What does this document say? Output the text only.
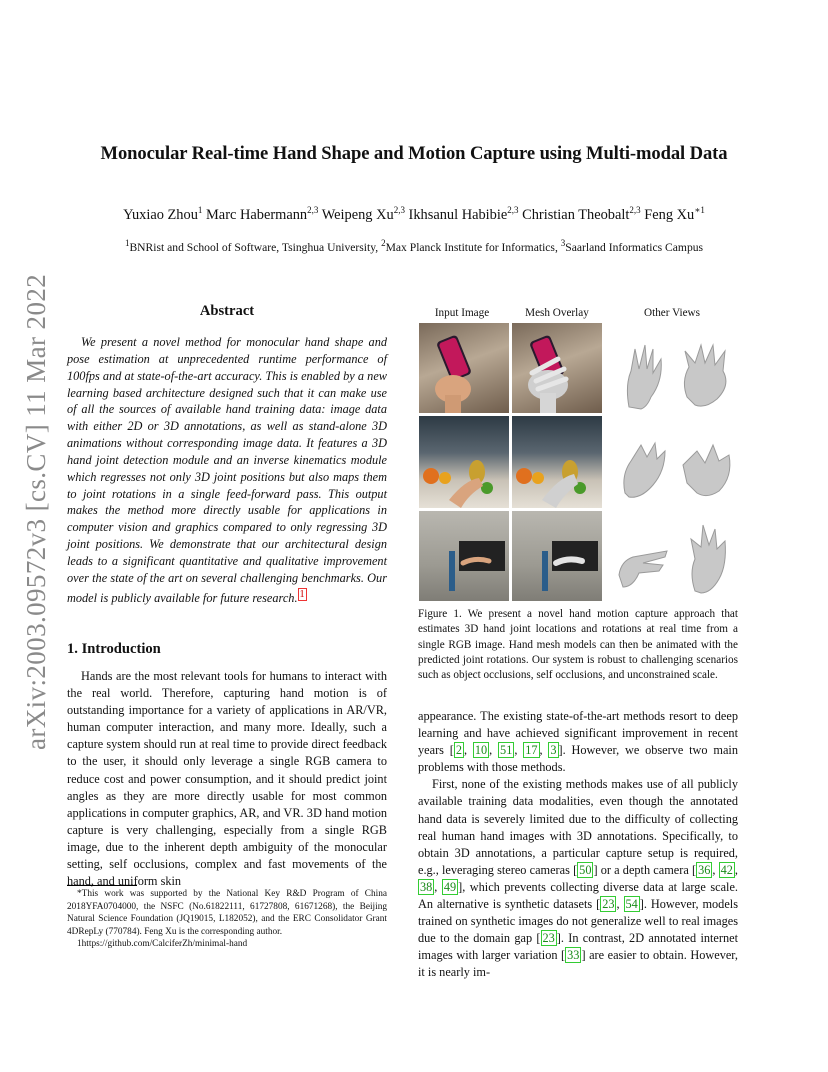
arXiv:2003.09572v3 [cs.CV] 11 Mar 2022
Monocular Real-time Hand Shape and Motion Capture using Multi-modal Data
Yuxiao Zhou$^1$ Marc Habermann$^{2,3}$ Weipeng Xu$^{2,3}$ Ikhsanul Habibie$^{2,3}$ Christian Theobalt$^{2,3}$ Feng $Xu^{∗1}$
$^1$BNRist and School of Software, Tsinghua University, $^2$Max Planck Institute for Informatics, $^3$Saarland Informatics Campus
Abstract
We present a novel method for monocular hand shape and pose estimation at unprecedented runtime performance of 100fps and at state-of-the-art accuracy. This is enabled by a new learning based architecture designed such that it can make use of all the sources of available hand training data: image data with either 2D or 3D annotations, as well as stand-alone 3D animations without corresponding image data. It features a 3D hand joint detection module and an inverse kinematics module which regresses not only 3D joint positions but also maps them to joint rotations in a single feed-forward pass. This output makes the method more directly usable for applications in computer vision and graphics compared to only regressing 3D joint positions. We demonstrate that our architectural design leads to a significant quantitative and qualitative improvement over the state of the art on several challenging benchmarks. Our model is publicly available for future research. $^1$
1. Introduction
Hands are the most relevant tools for humans to interact with the real world. Therefore, capturing hand motion is of outstanding importance for a variety of applications in AR/VR, human computer interaction, and many more. Ideally, such a capture system should run at real time to provide direct feedback to the user, it should only leverage a single RGB camera to reduce cost and power consumption, and it should predict joint angles as they are more directly usable for most common applications in computer graphics, AR, and VR. 3D hand motion capture is very challenging, especially from a single RGB image, due to the inherent depth ambiguity of the monocular setting, self occlusions, complex and fast movements of the hand, and uniform skin

*This work was supported by the National Key R&D Program of China 2018YFA0704000, the NSFC (No.61822111, 61727808, 61671268), the Beijing Natural Science Foundation (JQ19015, L182052), and the ERC Consolidator Grant 4DRepLy (770784). Feng Xu is the corresponding author.

1https://github.com/CalciferZh/minimal-hand

Input Image	Mesh Overlay	Other Views
Figure 1. We present a novel hand motion capture approach that estimates 3D hand joint locations and rotations at real time from a single RGB image. Hand mesh models can then be animated with the predicted joint rotations. Our system is robust to challenging scenarios such as object occlusions, self occlusions, and unconstrained scale.

appearance. The existing state-of-the-art methods resort to deep learning and have achieved significant improvement in recent years [ 2 , 10 , 51 , 17 , 3 ]. However, we observe two main problems with those methods.

First, none of the existing methods makes use of all publicly available training data modalities, even though the annotated hand data is severely limited due to the difficulty of collecting real human hand images with 3D annotations. Specifically, to obtain 3D annotations, a particular capture setup is required, e.g., leveraging stereo cameras [ 50 ] or a depth camera [ 36 , 42 , 38 , 49 ], which prevents collecting diverse data at large scale. An alternative is synthetic datasets [ 23 , 54 ]. However, models trained on synthetic images do not generalize well to real images due to the domain gap [ 23 ]. In contrast, 2D annotated internet images with larger variation [ 33 ] are easier to obtain. However, it is nearly im-
